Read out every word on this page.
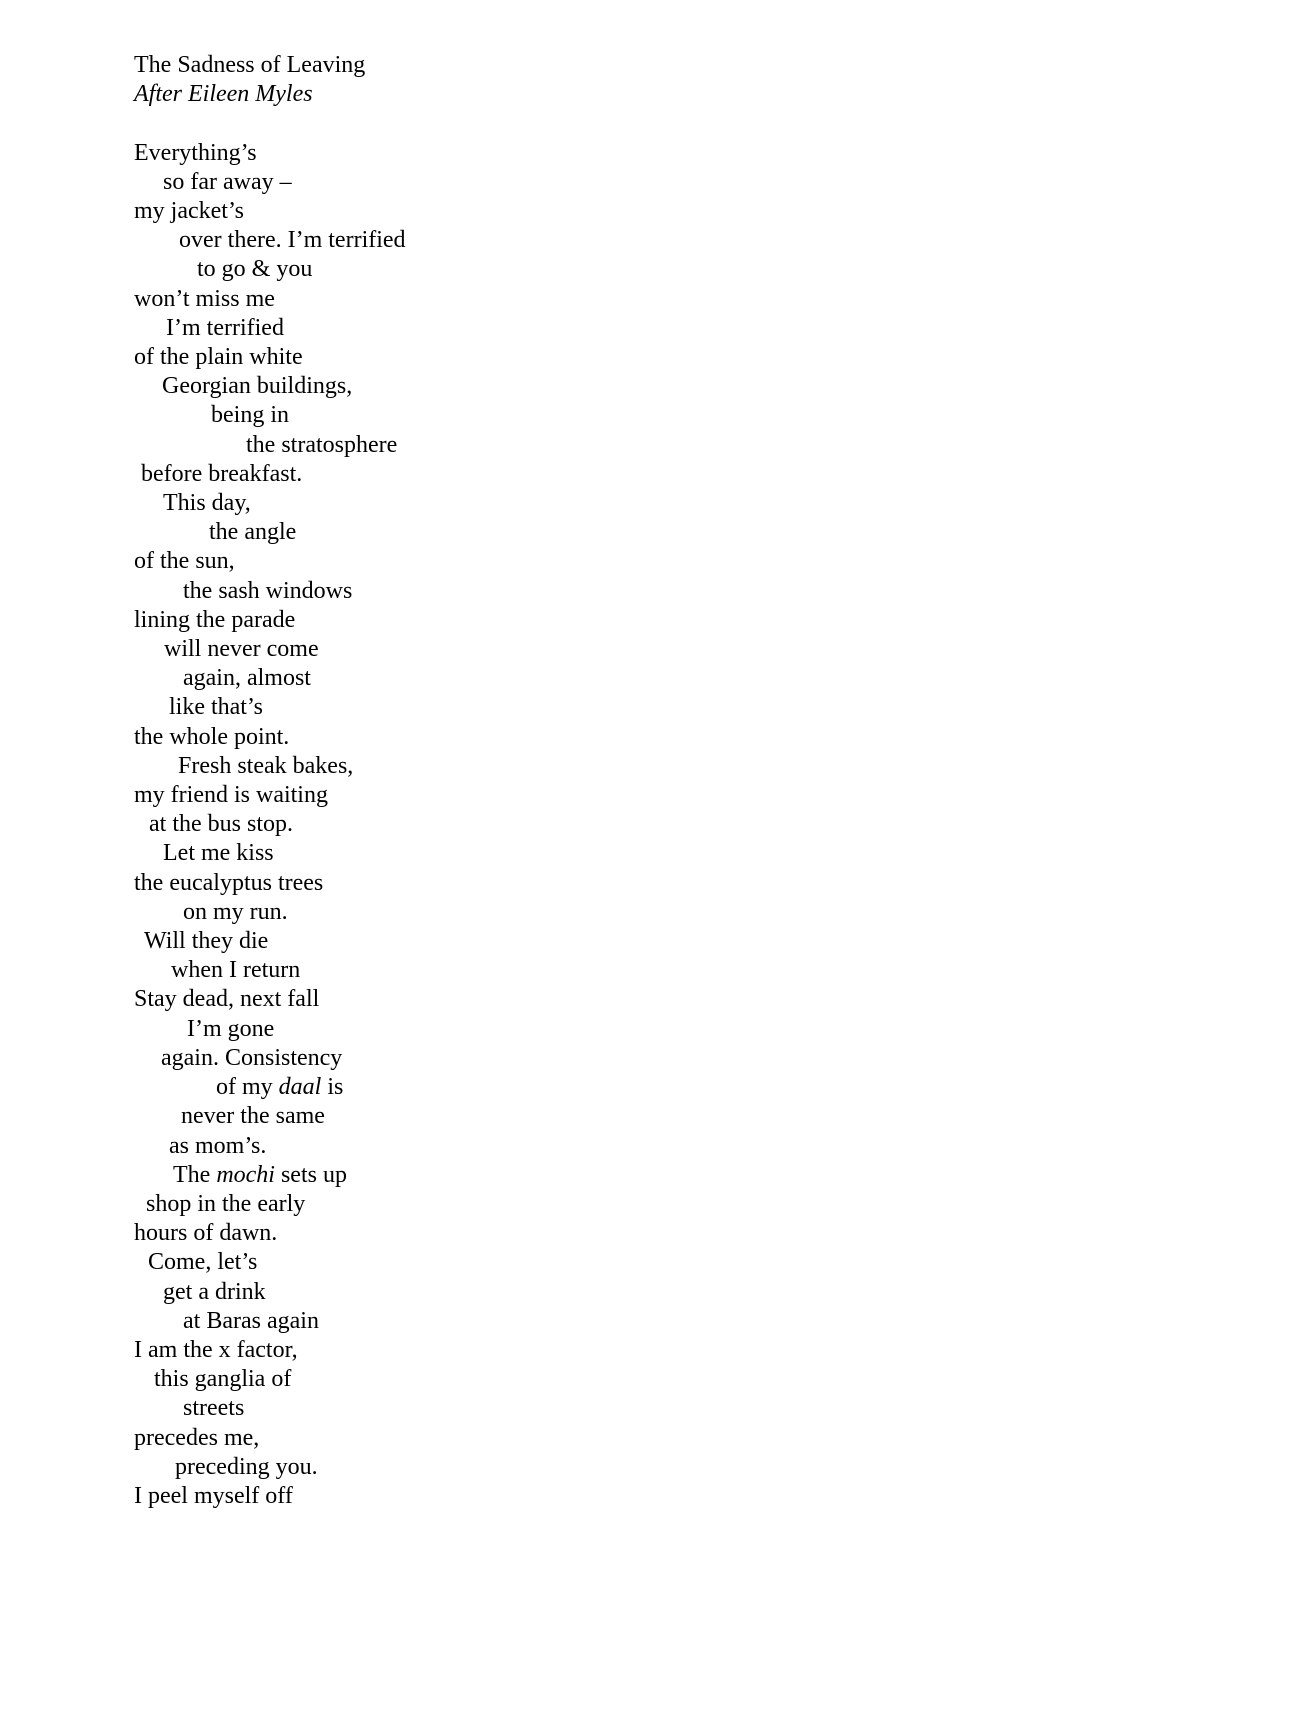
The Sadness of Leaving
After Eileen Myles
Everything’s
so far away –
my jacket’s
over there. I’m terrified
to go & you
won’t miss me
I’m terrified
of the plain white
Georgian buildings,
being in
the stratosphere
before breakfast.
This day,
the angle
of the sun,
the sash windows
lining the parade
will never come
again, almost
like that’s
the whole point.
Fresh steak bakes,
my friend is waiting
at the bus stop.
Let me kiss
the eucalyptus trees
on my run.
Will they die
when I return
Stay dead, next fall
I’m gone
again. Consistency
of my daal is
never the same
as mom’s.
The mochi sets up
shop in the early
hours of dawn.
Come, let’s
get a drink
at Baras again
I am the x factor,
this ganglia of
streets
precedes me,
preceding you.
I peel myself off
